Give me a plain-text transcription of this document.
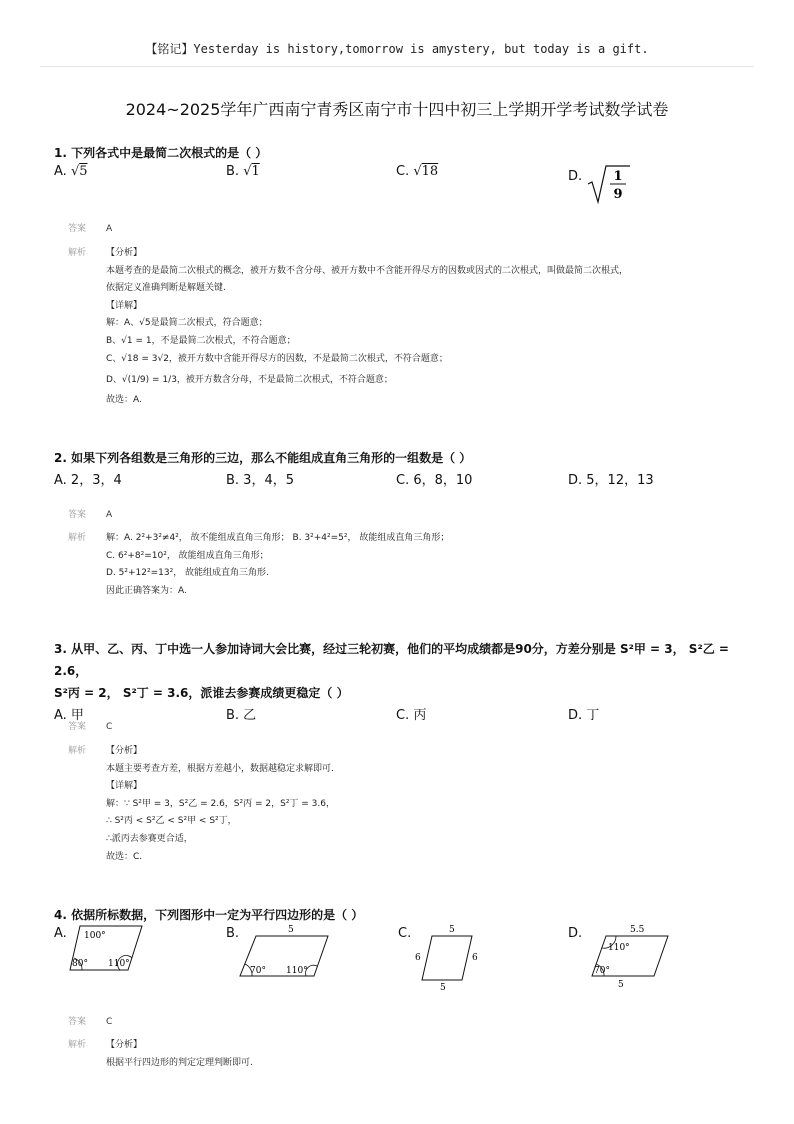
【铭记】Yesterday is history,tomorrow is amystery, but today is a gift.
2024~2025学年广西南宁青秀区南宁市十四中初三上学期开学考试数学试卷
1. 下列各式中是最简二次根式的是（ ）
A. √5	B. √1	C. √18	D. 1
9
答案 A
解析 【分析】
本题考查的是最简二次根式的概念，被开方数不含分母、被开方数中不含能开得尽方的因数或因式的二次根式，叫做最简二次根式，
依据定义准确判断是解题关键.
【详解】
解：A、√5是最简二次根式，符合题意；
B、√1 = 1，不是最简二次根式，不符合题意；
C、√18 = 3√2，被开方数中含能开得尽方的因数，不是最简二次根式，不符合题意；
D、√(1/9) = 1/3，被开方数含分母，不是最简二次根式，不符合题意；
故选：A.
2. 如果下列各组数是三角形的三边，那么不能组成直角三角形的一组数是（ ）
A. 2，3，4	B. 3，4，5	C. 6，8，10	D. 5，12，13
答案 A
解析 解：A. 2²+3²≠4²， 故不能组成直角三角形； B. 3²+4²=5²， 故能组成直角三角形；
C. 6²+8²=10²， 故能组成直角三角形；
D. 5²+12²=13²， 故能组成直角三角形.
因此正确答案为：A.
3. 从甲、乙、丙、丁中选一人参加诗词大会比赛，经过三轮初赛，他们的平均成绩都是90分，方差分别是 S²甲 = 3， S²乙 = 2.6，
S²丙 = 2， S²丁 = 3.6，派谁去参赛成绩更稳定（ ）
A. 甲	B. 乙	C. 丙	D. 丁
答案 C
解析 【分析】
本题主要考查方差，根据方差越小，数据越稳定求解即可.
【详解】
解：∵ S²甲 = 3，S²乙 = 2.6，S²丙 = 2，S²丁 = 3.6，
∴ S²丙 < S²乙 < S²甲 < S²丁，
∴派丙去参赛更合适，
故选：C.
4. 依据所标数据，下列图形中一定为平行四边形的是（ ）
A. 100°
80° 110°
B.	5
70° 110°
C.	5
6	6
5
D.	5.5
110°
70°
5
答案 C
解析 【分析】
根据平行四边形的判定定理判断即可.
